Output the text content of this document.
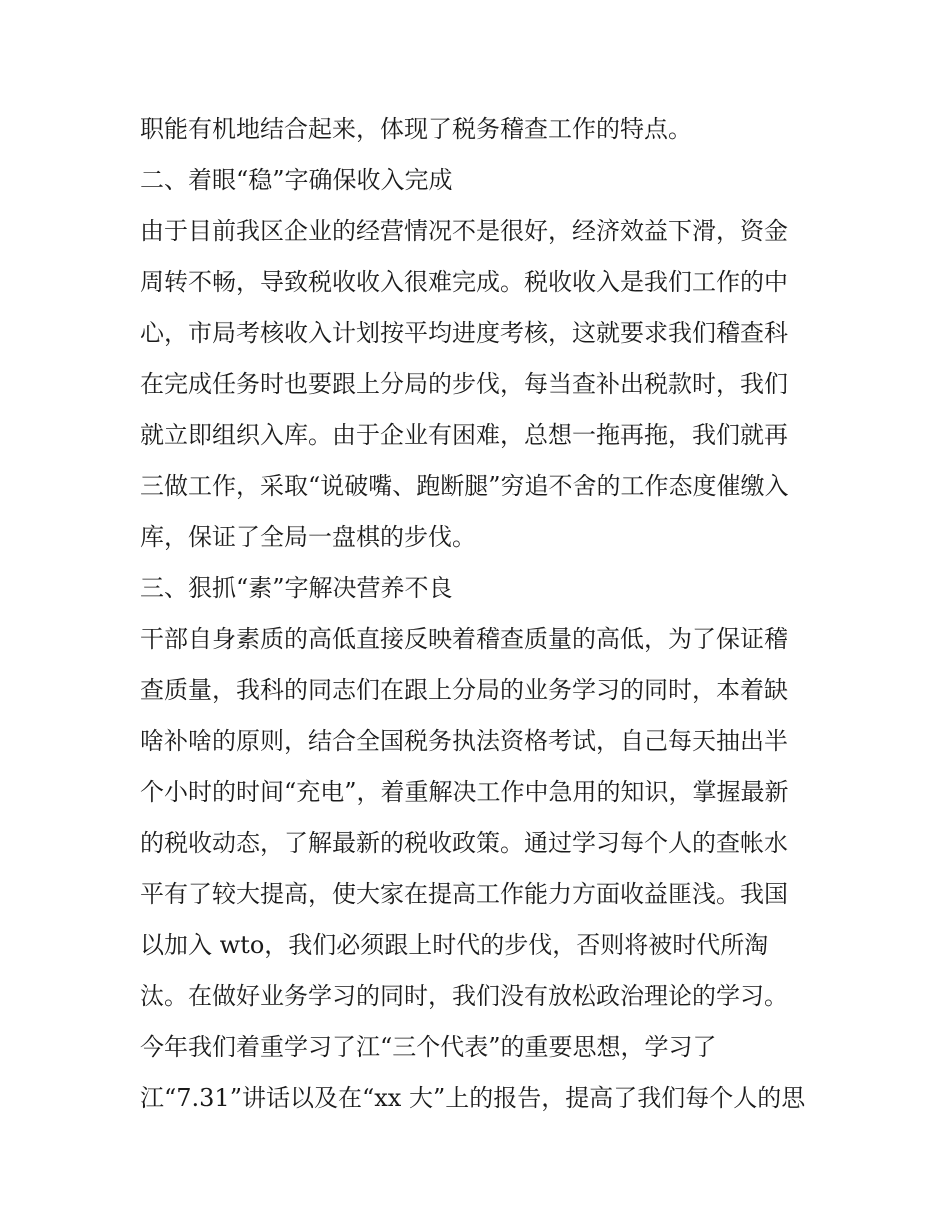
职能有机地结合起来，体现了税务稽查工作的特点。
二、着眼“稳”字确保收入完成
由于目前我区企业的经营情况不是很好，经济效益下滑，资金
周转不畅，导致税收收入很难完成。税收收入是我们工作的中
心，市局考核收入计划按平均进度考核，这就要求我们稽查科
在完成任务时也要跟上分局的步伐，每当查补出税款时，我们
就立即组织入库。由于企业有困难，总想一拖再拖，我们就再
三做工作，采取“说破嘴、跑断腿”穷追不舍的工作态度催缴入
库，保证了全局一盘棋的步伐。
三、狠抓“素”字解决营养不良
干部自身素质的高低直接反映着稽查质量的高低，为了保证稽
查质量，我科的同志们在跟上分局的业务学习的同时，本着缺
啥补啥的原则，结合全国税务执法资格考试，自己每天抽出半
个小时的时间“充电”，着重解决工作中急用的知识，掌握最新
的税收动态，了解最新的税收政策。通过学习每个人的查帐水
平有了较大提高，使大家在提高工作能力方面收益匪浅。我国
以加入 wto，我们必须跟上时代的步伐，否则将被时代所淘
汰。在做好业务学习的同时，我们没有放松政治理论的学习。
今年我们着重学习了江“三个代表”的重要思想，学习了
江“7.31”讲话以及在“xx 大”上的报告，提高了我们每个人的思
